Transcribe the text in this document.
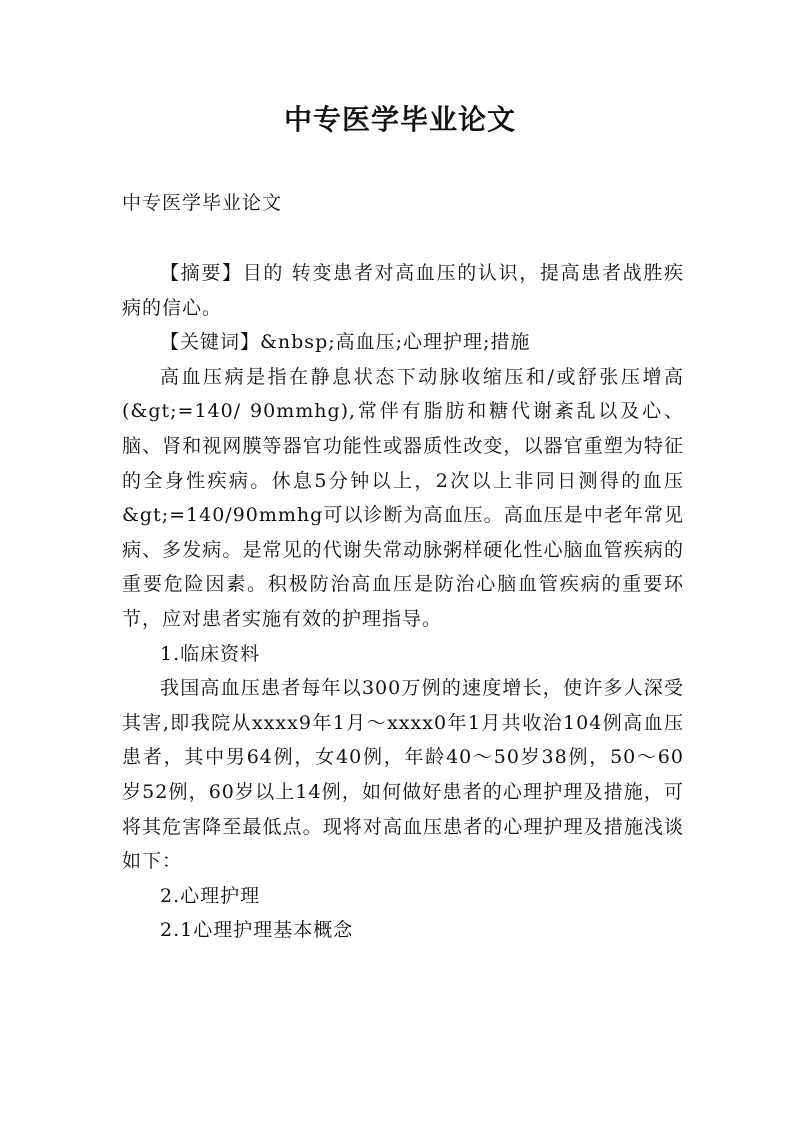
中专医学毕业论文
中专医学毕业论文

【摘要】目的 转变患者对高血压的认识，提高患者战胜疾病的信心。

【关键词】&nbsp;高血压;心理护理;措施

高血压病是指在静息状态下动脉收缩压和/或舒张压增高(&gt;=140/ 90mmhg),常伴有脂肪和糖代谢紊乱以及心、脑、肾和视网膜等器官功能性或器质性改变，以器官重塑为特征的全身性疾病。休息5分钟以上，2次以上非同日测得的血压&gt;=140/90mmhg可以诊断为高血压。高血压是中老年常见病、多发病。是常见的代谢失常动脉粥样硬化性心脑血管疾病的重要危险因素。积极防治高血压是防治心脑血管疾病的重要环节，应对患者实施有效的护理指导。

1.临床资料

我国高血压患者每年以300万例的速度增长，使许多人深受其害,即我院从xxxx9年1月～xxxx0年1月共收治104例高血压患者，其中男64例，女40例，年龄40～50岁38例，50～60岁52例，60岁以上14例，如何做好患者的心理护理及措施，可将其危害降至最低点。现将对高血压患者的心理护理及措施浅谈如下：

2.心理护理

2.1心理护理基本概念
